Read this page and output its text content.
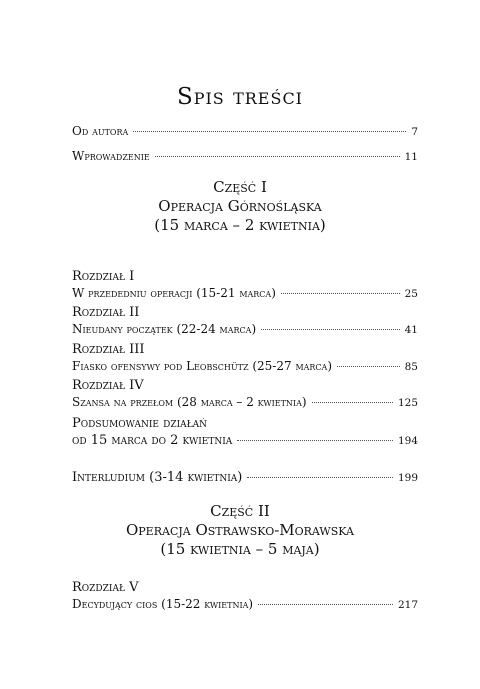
Spis treści
Od autora	7
Wprowadzenie	11
Część I
Operacja Górnośląska
(15 marca – 2 kwietnia)
Rozdział I
W przededniu operacji (15-21 marca)	25
Rozdział II
Nieudany początek (22-24 marca)	41
Rozdział III
Fiasko ofensywy pod Leobschütz (25-27 marca)	85
Rozdział IV
Szansa na przełom (28 marca – 2 kwietnia)	125
Podsumowanie działań
od 15 marca do 2 kwietnia	194
Interludium (3-14 kwietnia)	199
Część II
Operacja Ostrawsko-Morawska
(15 kwietnia – 5 maja)
Rozdział V
Decydujący cios (15-22 kwietnia)	217
